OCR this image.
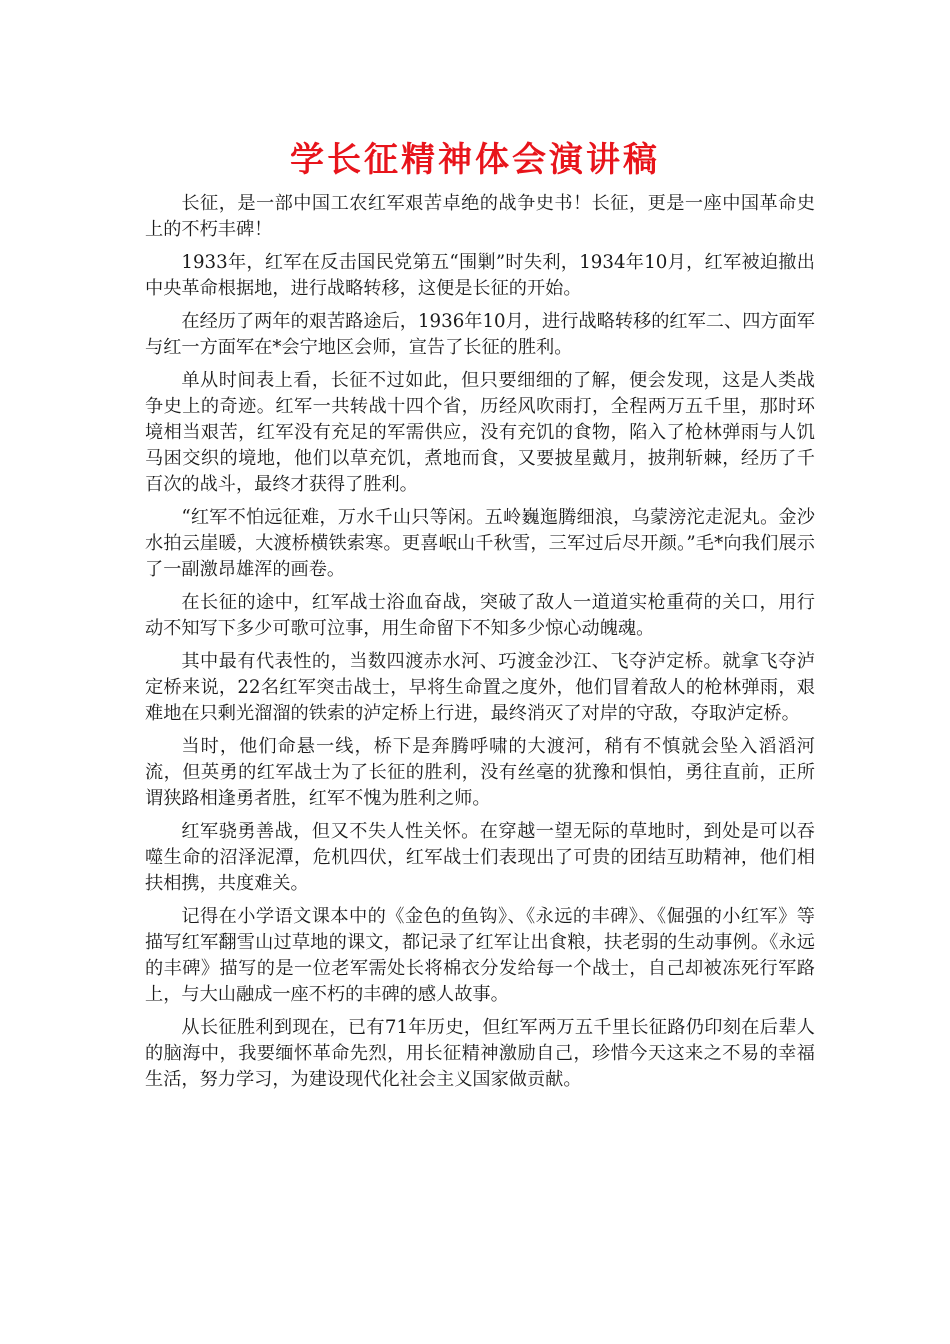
学长征精神体会演讲稿

长征，是一部中国工农红军艰苦卓绝的战争史书！长征，更是一座中国革命史上的不朽丰碑！

1933年，红军在反击国民党第五“围剿”时失利，1934年10月，红军被迫撤出中央革命根据地，进行战略转移，这便是长征的开始。

在经历了两年的艰苦路途后，1936年10月，进行战略转移的红军二、四方面军与红一方面军在*会宁地区会师，宣告了长征的胜利。

单从时间表上看，长征不过如此，但只要细细的了解，便会发现，这是人类战争史上的奇迹。红军一共转战十四个省，历经风吹雨打，全程两万五千里，那时环境相当艰苦，红军没有充足的军需供应，没有充饥的食物，陷入了枪林弹雨与人饥马困交织的境地，他们以草充饥，煮地而食，又要披星戴月，披荆斩棘，经历了千百次的战斗，最终才获得了胜利。

“红军不怕远征难，万水千山只等闲。五岭巍迤腾细浪，乌蒙滂沱走泥丸。金沙水拍云崖暖，大渡桥横铁索寒。更喜岷山千秋雪，三军过后尽开颜。”毛*向我们展示了一副激昂雄浑的画卷。

在长征的途中，红军战士浴血奋战，突破了敌人一道道实枪重荷的关口，用行动不知写下多少可歌可泣事，用生命留下不知多少惊心动魄魂。

其中最有代表性的，当数四渡赤水河、巧渡金沙江、飞夺泸定桥。就拿飞夺泸定桥来说，22名红军突击战士，早将生命置之度外，他们冒着敌人的枪林弹雨，艰难地在只剩光溜溜的铁索的泸定桥上行进，最终消灭了对岸的守敌，夺取泸定桥。

当时，他们命悬一线，桥下是奔腾呼啸的大渡河，稍有不慎就会坠入滔滔河流，但英勇的红军战士为了长征的胜利，没有丝毫的犹豫和惧怕，勇往直前，正所谓狭路相逢勇者胜，红军不愧为胜利之师。

红军骁勇善战，但又不失人性关怀。在穿越一望无际的草地时，到处是可以吞噬生命的沼泽泥潭，危机四伏，红军战士们表现出了可贵的团结互助精神，他们相扶相携，共度难关。

记得在小学语文课本中的《金色的鱼钩》、《永远的丰碑》、《倔强的小红军》等描写红军翻雪山过草地的课文，都记录了红军让出食粮，扶老弱的生动事例。《永远的丰碑》描写的是一位老军需处长将棉衣分发给每一个战士，自己却被冻死行军路上，与大山融成一座不朽的丰碑的感人故事。

从长征胜利到现在，已有71年历史，但红军两万五千里长征路仍印刻在后辈人的脑海中，我要缅怀革命先烈，用长征精神激励自己，珍惜今天这来之不易的幸福生活，努力学习，为建设现代化社会主义国家做贡献。
